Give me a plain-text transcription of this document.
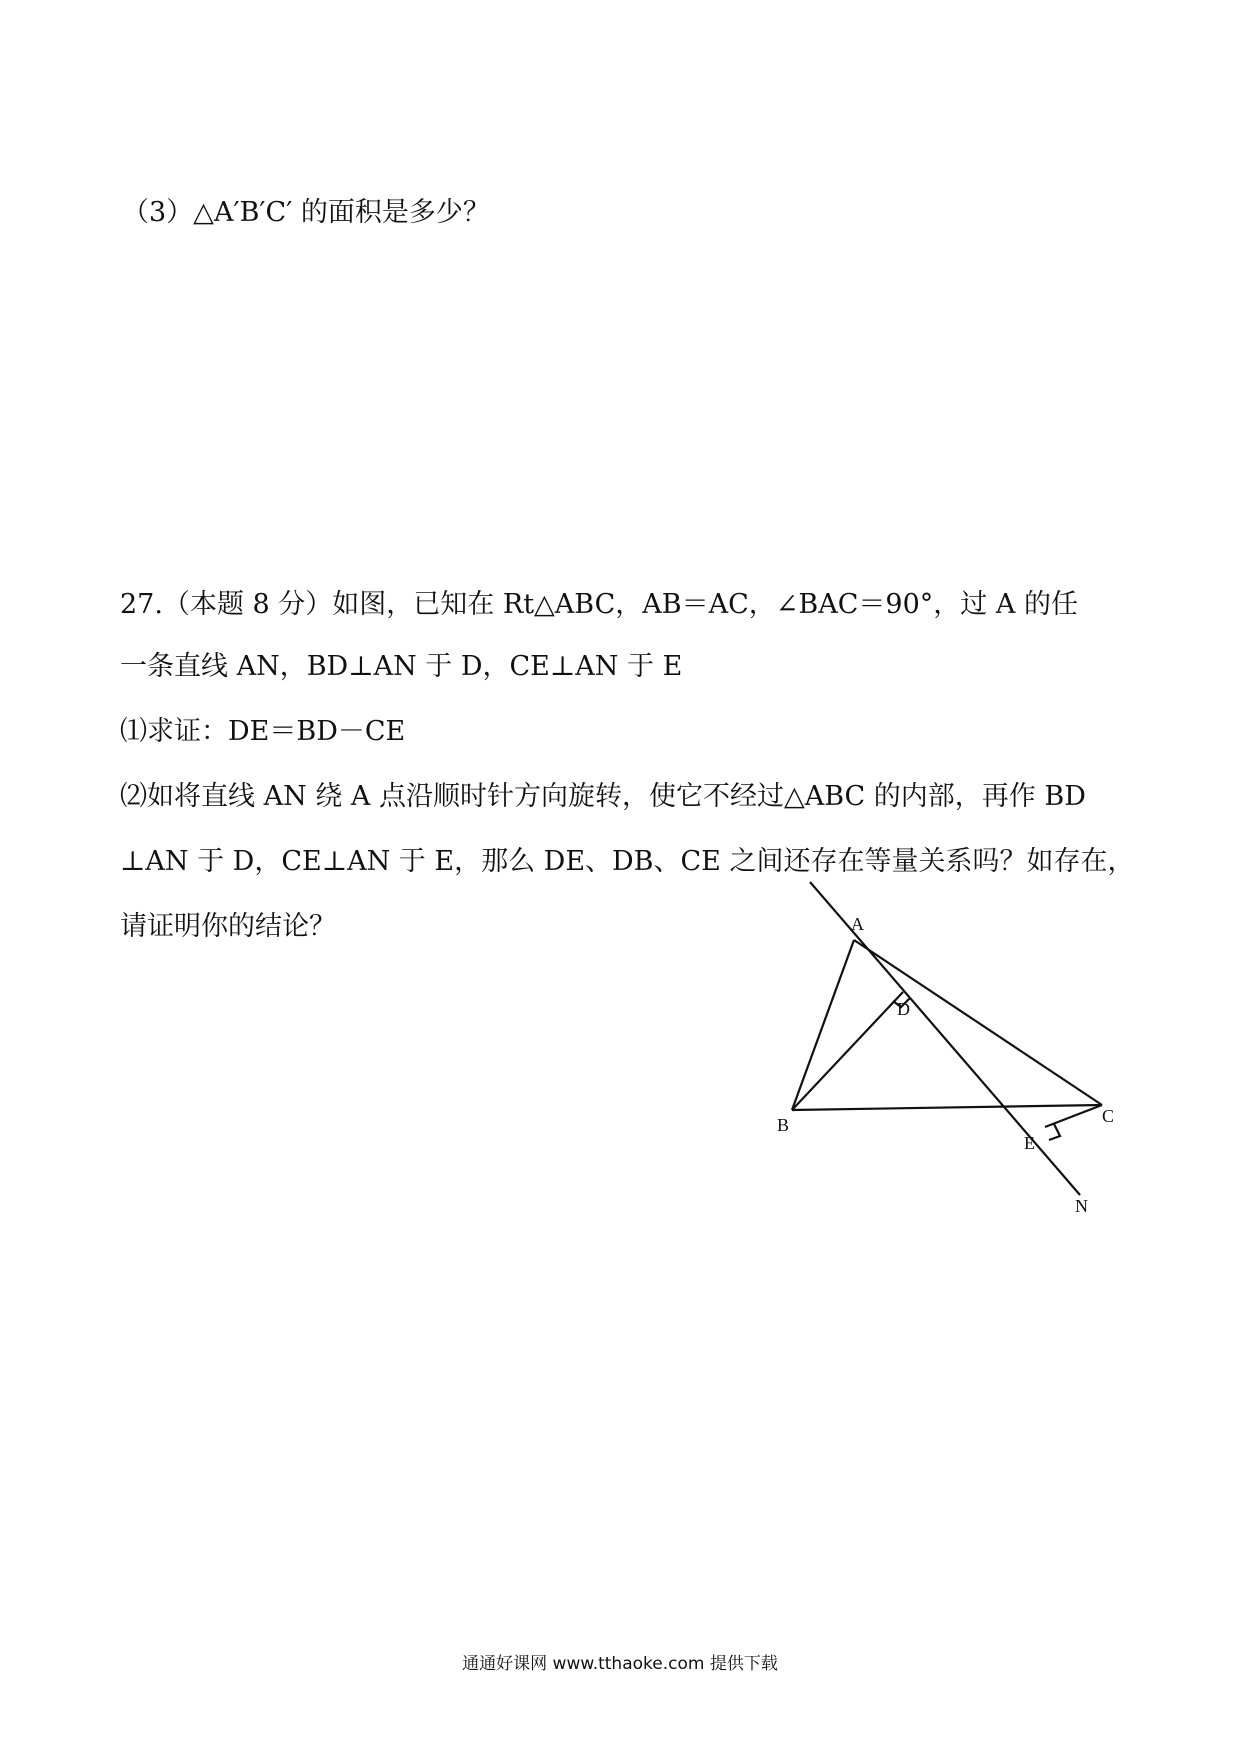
（3）△A′B′C′ 的面积是多少？
27.（本题 8 分）如图，已知在 Rt△ABC，AB＝AC，∠BAC＝90°，过 A 的任
一条直线 AN，BD⊥AN 于 D，CE⊥AN 于 E
⑴求证：DE＝BD－CE
⑵如将直线 AN 绕 A 点沿顺时针方向旋转，使它不经过△ABC 的内部，再作 BD
⊥AN 于 D，CE⊥AN 于 E，那么 DE、DB、CE 之间还存在等量关系吗？如存在，
请证明你的结论？	A
B	C
D
E
N
通通好课网 www.tthaoke.com 提供下载
